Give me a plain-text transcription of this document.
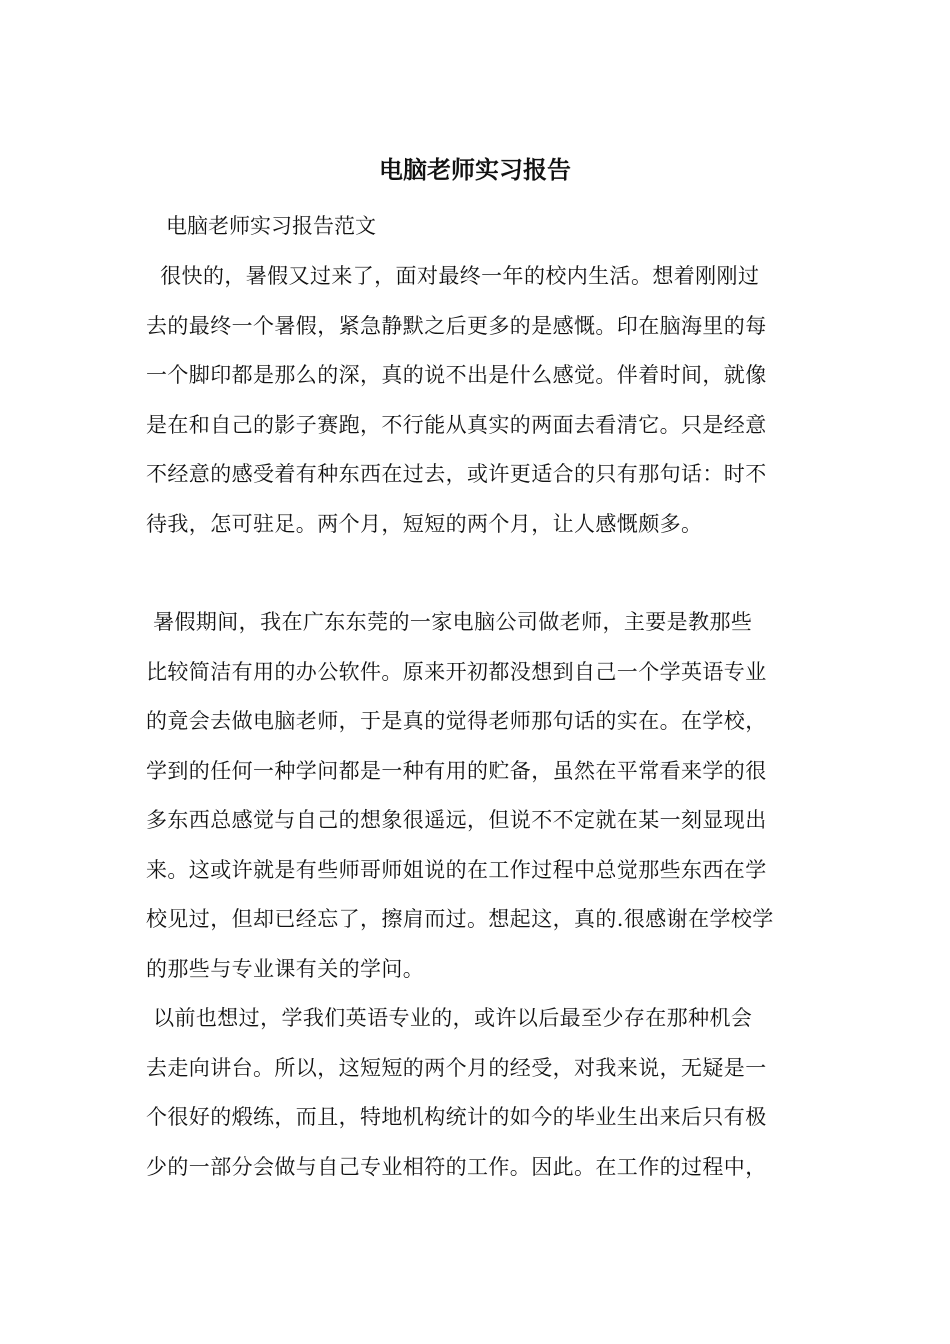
电脑老师实习报告

电脑老师实习报告范文

很快的，暑假又过来了，面对最终一年的校内生活。想着刚刚过
去的最终一个暑假，紧急静默之后更多的是感慨。印在脑海里的每
一个脚印都是那么的深，真的说不出是什么感觉。伴着时间，就像
是在和自己的影子赛跑，不行能从真实的两面去看清它。只是经意
不经意的感受着有种东西在过去，或许更适合的只有那句话：时不
待我，怎可驻足。两个月，短短的两个月，让人感慨颇多。
暑假期间，我在广东东莞的一家电脑公司做老师，主要是教那些
比较简洁有用的办公软件。原来开初都没想到自己一个学英语专业
的竟会去做电脑老师，于是真的觉得老师那句话的实在。在学校，
学到的任何一种学问都是一种有用的贮备，虽然在平常看来学的很
多东西总感觉与自己的想象很遥远，但说不不定就在某一刻显现出
来。这或许就是有些师哥师姐说的在工作过程中总觉那些东西在学
校见过，但却已经忘了，擦肩而过。想起这，真的.很感谢在学校学
的那些与专业课有关的学问。
以前也想过，学我们英语专业的，或许以后最至少存在那种机会
去走向讲台。所以，这短短的两个月的经受，对我来说，无疑是一
个很好的煅练，而且，特地机构统计的如今的毕业生出来后只有极
少的一部分会做与自己专业相符的工作。因此。在工作的过程中，
